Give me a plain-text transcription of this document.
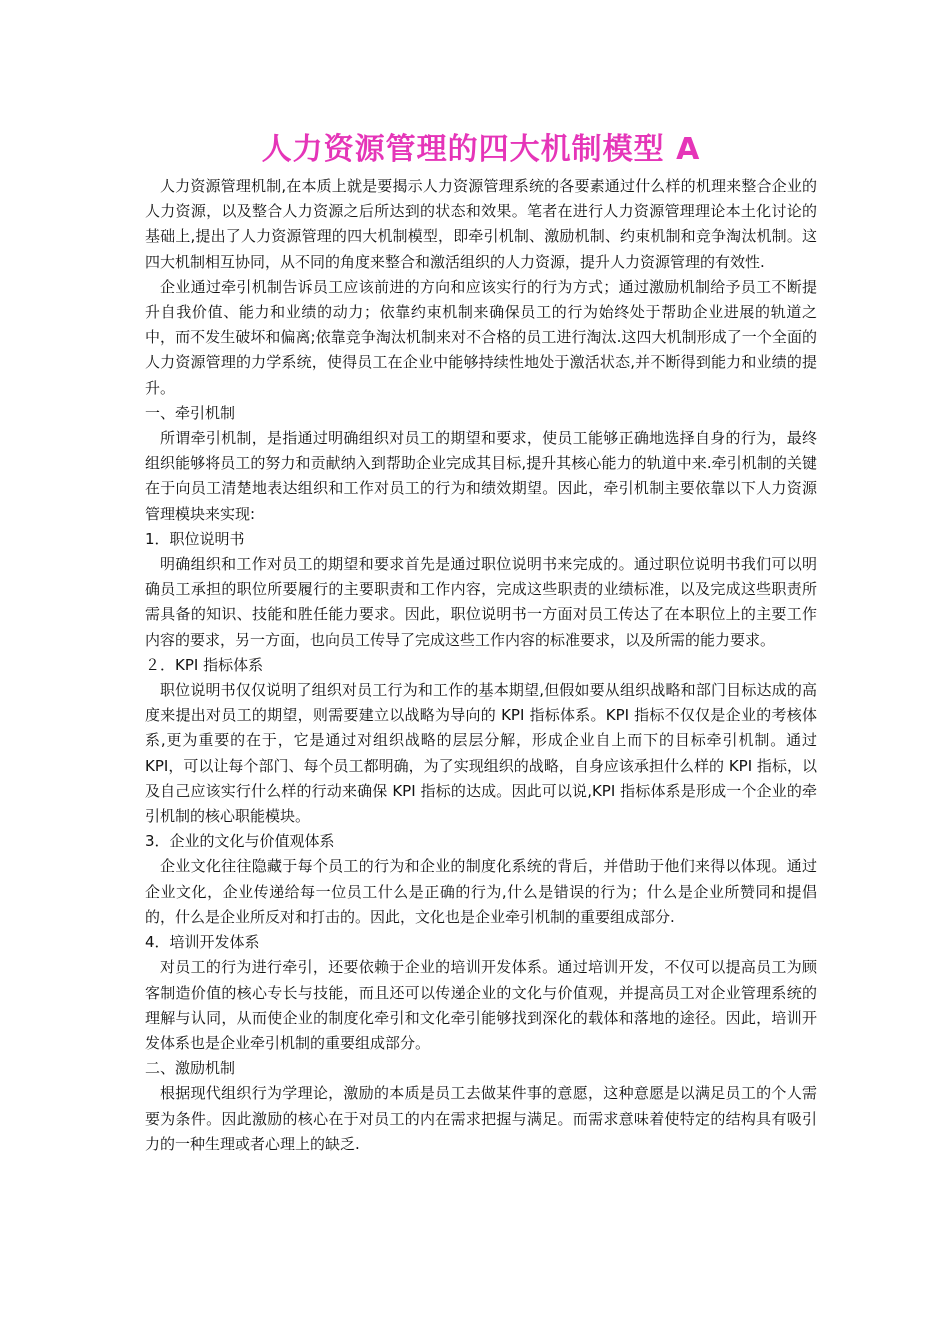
人力资源管理的四大机制模型 A

人力资源管理机制,在本质上就是要揭示人力资源管理系统的各要素通过什么样的机理来整合企业的人力资源，以及整合人力资源之后所达到的状态和效果。笔者在进行人力资源管理理论本土化讨论的基础上,提出了人力资源管理的四大机制模型，即牵引机制、激励机制、约束机制和竞争淘汰机制。这四大机制相互协同，从不同的角度来整合和激活组织的人力资源，提升人力资源管理的有效性.

企业通过牵引机制告诉员工应该前进的方向和应该实行的行为方式；通过激励机制给予员工不断提升自我价值、能力和业绩的动力；依靠约束机制来确保员工的行为始终处于帮助企业进展的轨道之中，而不发生破坏和偏离;依靠竞争淘汰机制来对不合格的员工进行淘汰.这四大机制形成了一个全面的人力资源管理的力学系统，使得员工在企业中能够持续性地处于激活状态,并不断得到能力和业绩的提升。

一、牵引机制

所谓牵引机制，是指通过明确组织对员工的期望和要求，使员工能够正确地选择自身的行为，最终组织能够将员工的努力和贡献纳入到帮助企业完成其目标,提升其核心能力的轨道中来.牵引机制的关键在于向员工清楚地表达组织和工作对员工的行为和绩效期望。因此，牵引机制主要依靠以下人力资源管理模块来实现:

1．职位说明书

明确组织和工作对员工的期望和要求首先是通过职位说明书来完成的。通过职位说明书我们可以明确员工承担的职位所要履行的主要职责和工作内容，完成这些职责的业绩标准，以及完成这些职责所需具备的知识、技能和胜任能力要求。因此，职位说明书一方面对员工传达了在本职位上的主要工作内容的要求，另一方面，也向员工传导了完成这些工作内容的标准要求，以及所需的能力要求。

２．KPI 指标体系

职位说明书仅仅说明了组织对员工行为和工作的基本期望,但假如要从组织战略和部门目标达成的高度来提出对员工的期望，则需要建立以战略为导向的 KPI 指标体系。KPI 指标不仅仅是企业的考核体系,更为重要的在于，它是通过对组织战略的层层分解，形成企业自上而下的目标牵引机制。通过 KPI，可以让每个部门、每个员工都明确，为了实现组织的战略，自身应该承担什么样的 KPI 指标，以及自己应该实行什么样的行动来确保 KPI 指标的达成。因此可以说,KPI 指标体系是形成一个企业的牵引机制的核心职能模块。

3．企业的文化与价值观体系

企业文化往往隐藏于每个员工的行为和企业的制度化系统的背后，并借助于他们来得以体现。通过企业文化，企业传递给每一位员工什么是正确的行为,什么是错误的行为；什么是企业所赞同和提倡的，什么是企业所反对和打击的。因此，文化也是企业牵引机制的重要组成部分.

4．培训开发体系

对员工的行为进行牵引，还要依赖于企业的培训开发体系。通过培训开发，不仅可以提高员工为顾客制造价值的核心专长与技能，而且还可以传递企业的文化与价值观，并提高员工对企业管理系统的理解与认同，从而使企业的制度化牵引和文化牵引能够找到深化的载体和落地的途径。因此，培训开发体系也是企业牵引机制的重要组成部分。

二、激励机制

根据现代组织行为学理论，激励的本质是员工去做某件事的意愿，这种意愿是以满足员工的个人需要为条件。因此激励的核心在于对员工的内在需求把握与满足。而需求意味着使特定的结构具有吸引力的一种生理或者心理上的缺乏.
